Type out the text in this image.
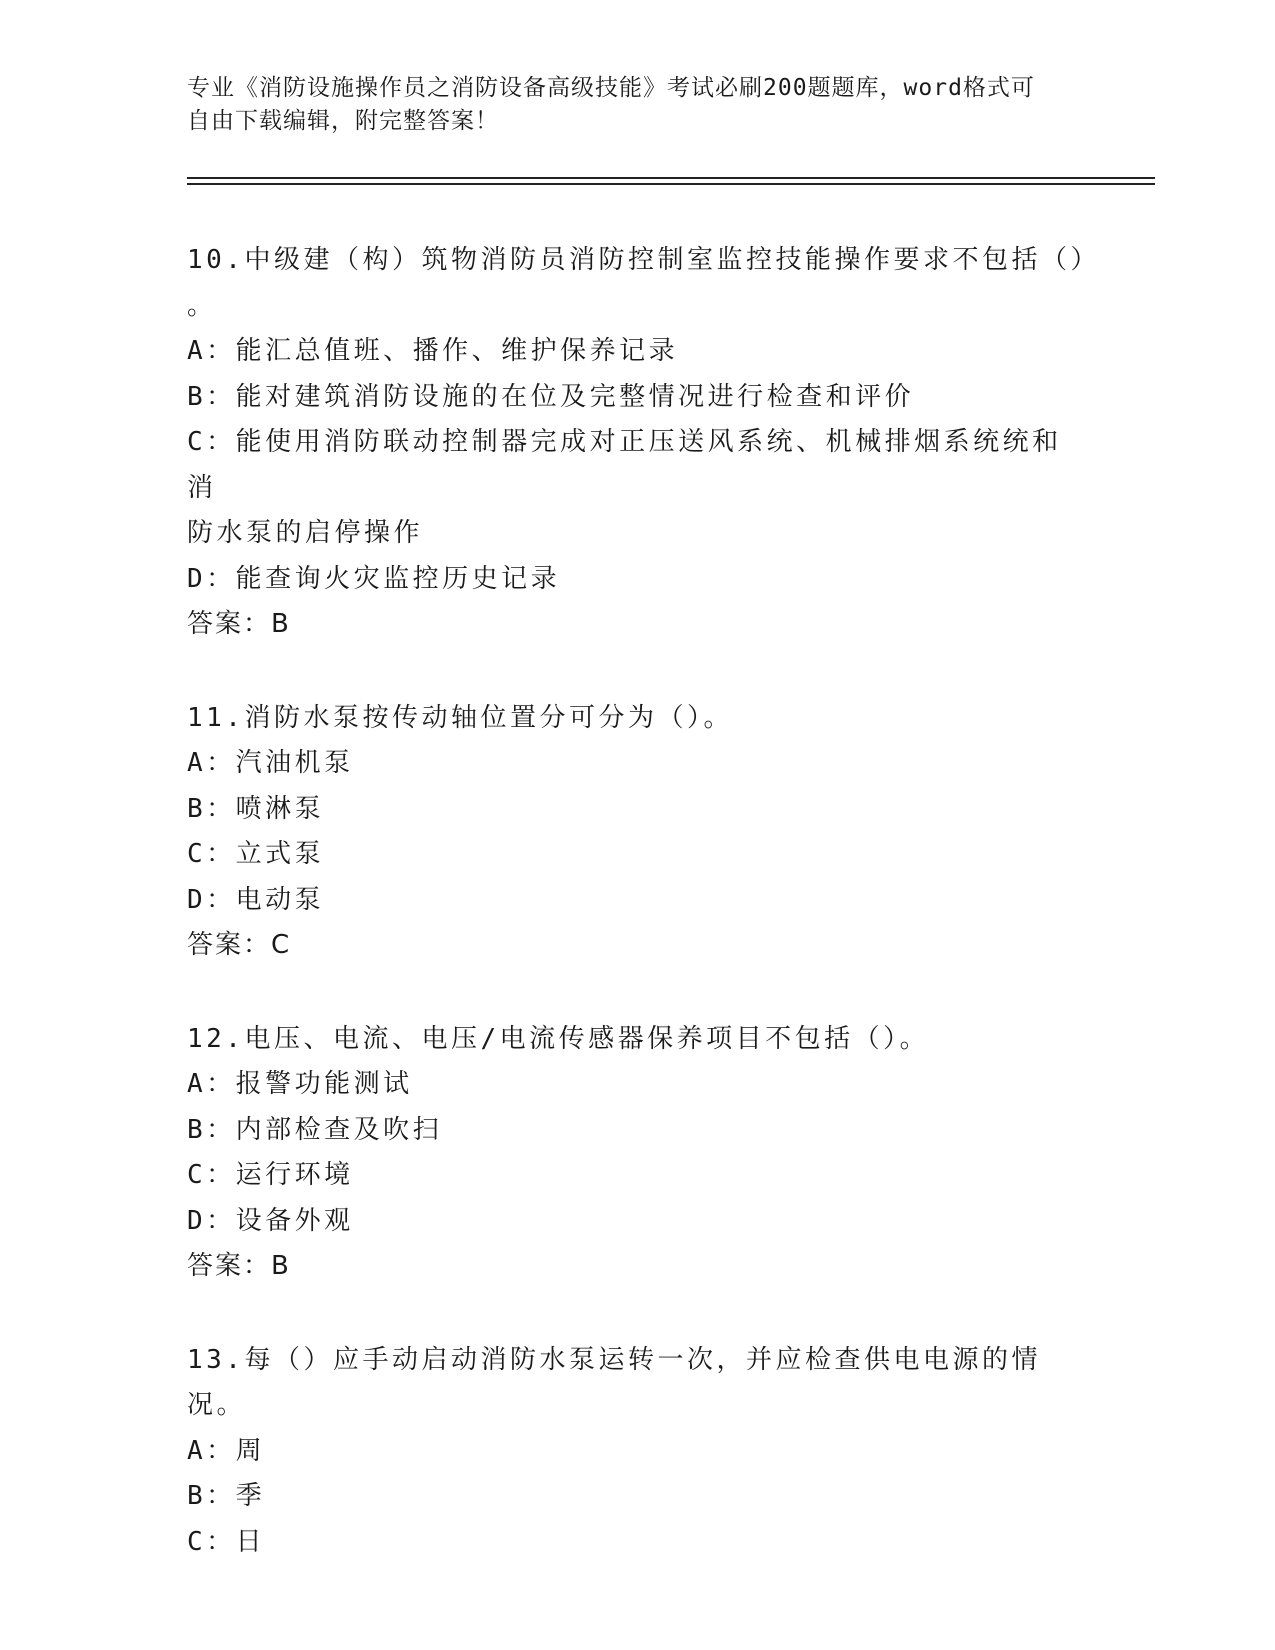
专业《消防设施操作员之消防设备高级技能》考试必刷200题题库，word格式可
自由下载编辑，附完整答案！

10.中级建（构）筑物消防员消防控制室监控技能操作要求不包括（）

。

A：能汇总值班、播作、维护保养记录

B：能对建筑消防设施的在位及完整情况进行检查和评价

C：能使用消防联动控制器完成对正压送风系统、机械排烟系统统和消

防水泵的启停操作

D：能查询火灾监控历史记录

答案：B

11.消防水泵按传动轴位置分可分为（）。

A：汽油机泵

B：喷淋泵

C：立式泵

D：电动泵

答案：C

12.电压、电流、电压/电流传感器保养项目不包括（）。

A：报警功能测试

B：内部检查及吹扫

C：运行环境

D：设备外观

答案：B

13.每（）应手动启动消防水泵运转一次，并应检查供电电源的情况。

A：周

B：季

C：日
